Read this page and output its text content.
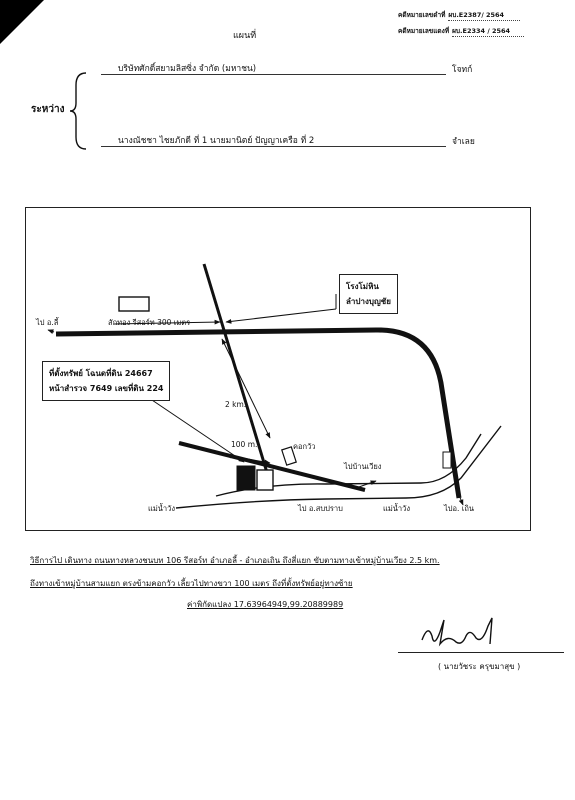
คดีหมายเลขดำที่ ผบ.E2387/ 2564
คดีหมายเลขแดงที่ ผบ.E2334 / 2564
แผนที่
ระหว่าง
บริษัทศักดิ์สยามลิสซิ่ง จำกัด (มหาชน)	โจทก์
นางณัชชา ไชยภักดี ที่ 1 นายมานิตย์ ปัญญาเครือ ที่ 2	จำเลย
ไป อ.ลี้	สักทอง รีสอร์ท 300 เมตร
โรงโม่หิน
ลำปางบุญชัย
ที่ตั้งทรัพย์ โฉนดที่ดิน 24667
หน้าสำรวจ 7649 เลขที่ดิน 224
2 km.
100 m.	คอกวัว
ไปบ้านเวียง
แม่น้ำวัง	ไป อ.สบปราบ	แม่น้ำวัง	ไปอ. เถิน
วิธีการไป เดินทาง ถนนทางหลวงชนบท 106 รีสอร์ท อำเภอลี้ - อำเภอเถิน ถึงสี่แยก ขับตามทางเข้าหมู่บ้านเวียง 2.5 km.
ถึงทางเข้าหมู่บ้านสามแยก ตรงข้ามคอกวัว เลี้ยวไปทางขวา 100 เมตร ถึงที่ตั้งทรัพย์อยู่ทางซ้าย
ค่าพิกัดแปลง 17.63964949,99.20889989
( นายวัชระ ครุขมาสุข )
